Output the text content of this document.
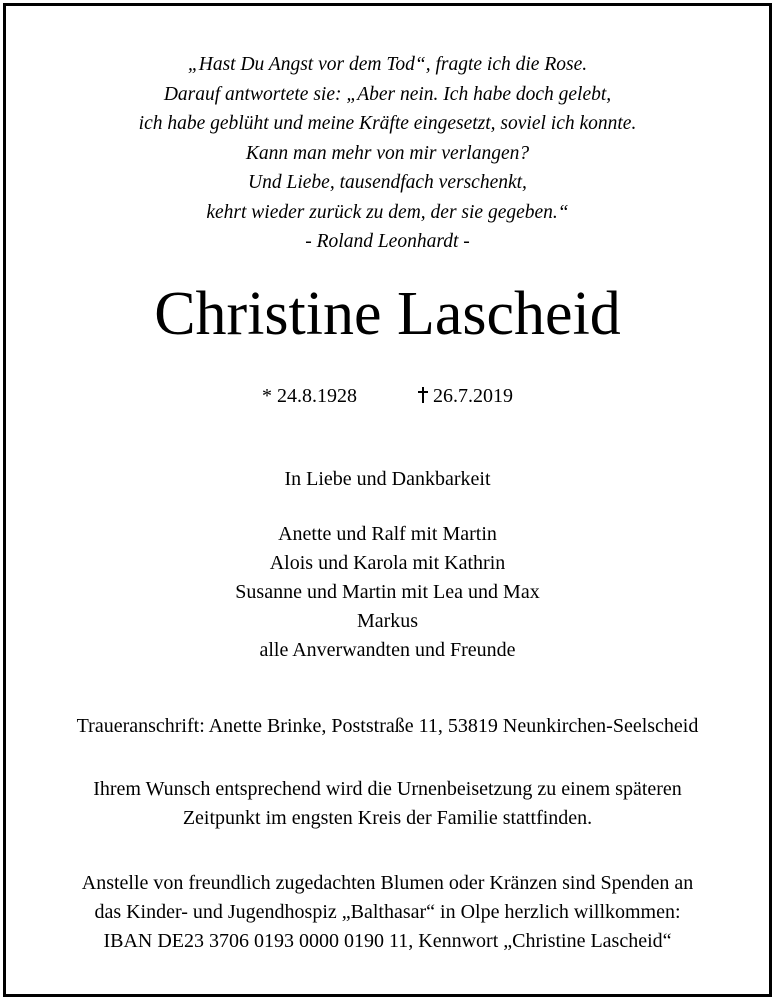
„Hast Du Angst vor dem Tod“, fragte ich die Rose.
Darauf antwortete sie: „Aber nein. Ich habe doch gelebt,
ich habe geblüht und meine Kräfte eingesetzt, soviel ich konnte.
Kann man mehr von mir verlangen?
Und Liebe, tausendfach verschenkt,
kehrt wieder zurück zu dem, der sie gegeben.“
- Roland Leonhardt -
Christine Lascheid
* 24.8.1928	26.7.2019
In Liebe und Dankbarkeit
Anette und Ralf mit Martin
Alois und Karola mit Kathrin
Susanne und Martin mit Lea und Max
Markus
alle Anverwandten und Freunde
Traueranschrift: Anette Brinke, Poststraße 11, 53819 Neunkirchen-Seelscheid
Ihrem Wunsch entsprechend wird die Urnenbeisetzung zu einem späteren
Zeitpunkt im engsten Kreis der Familie stattfinden.
Anstelle von freundlich zugedachten Blumen oder Kränzen sind Spenden an
das Kinder- und Jugendhospiz „Balthasar“ in Olpe herzlich willkommen:
IBAN DE23 3706 0193 0000 0190 11, Kennwort „Christine Lascheid“
